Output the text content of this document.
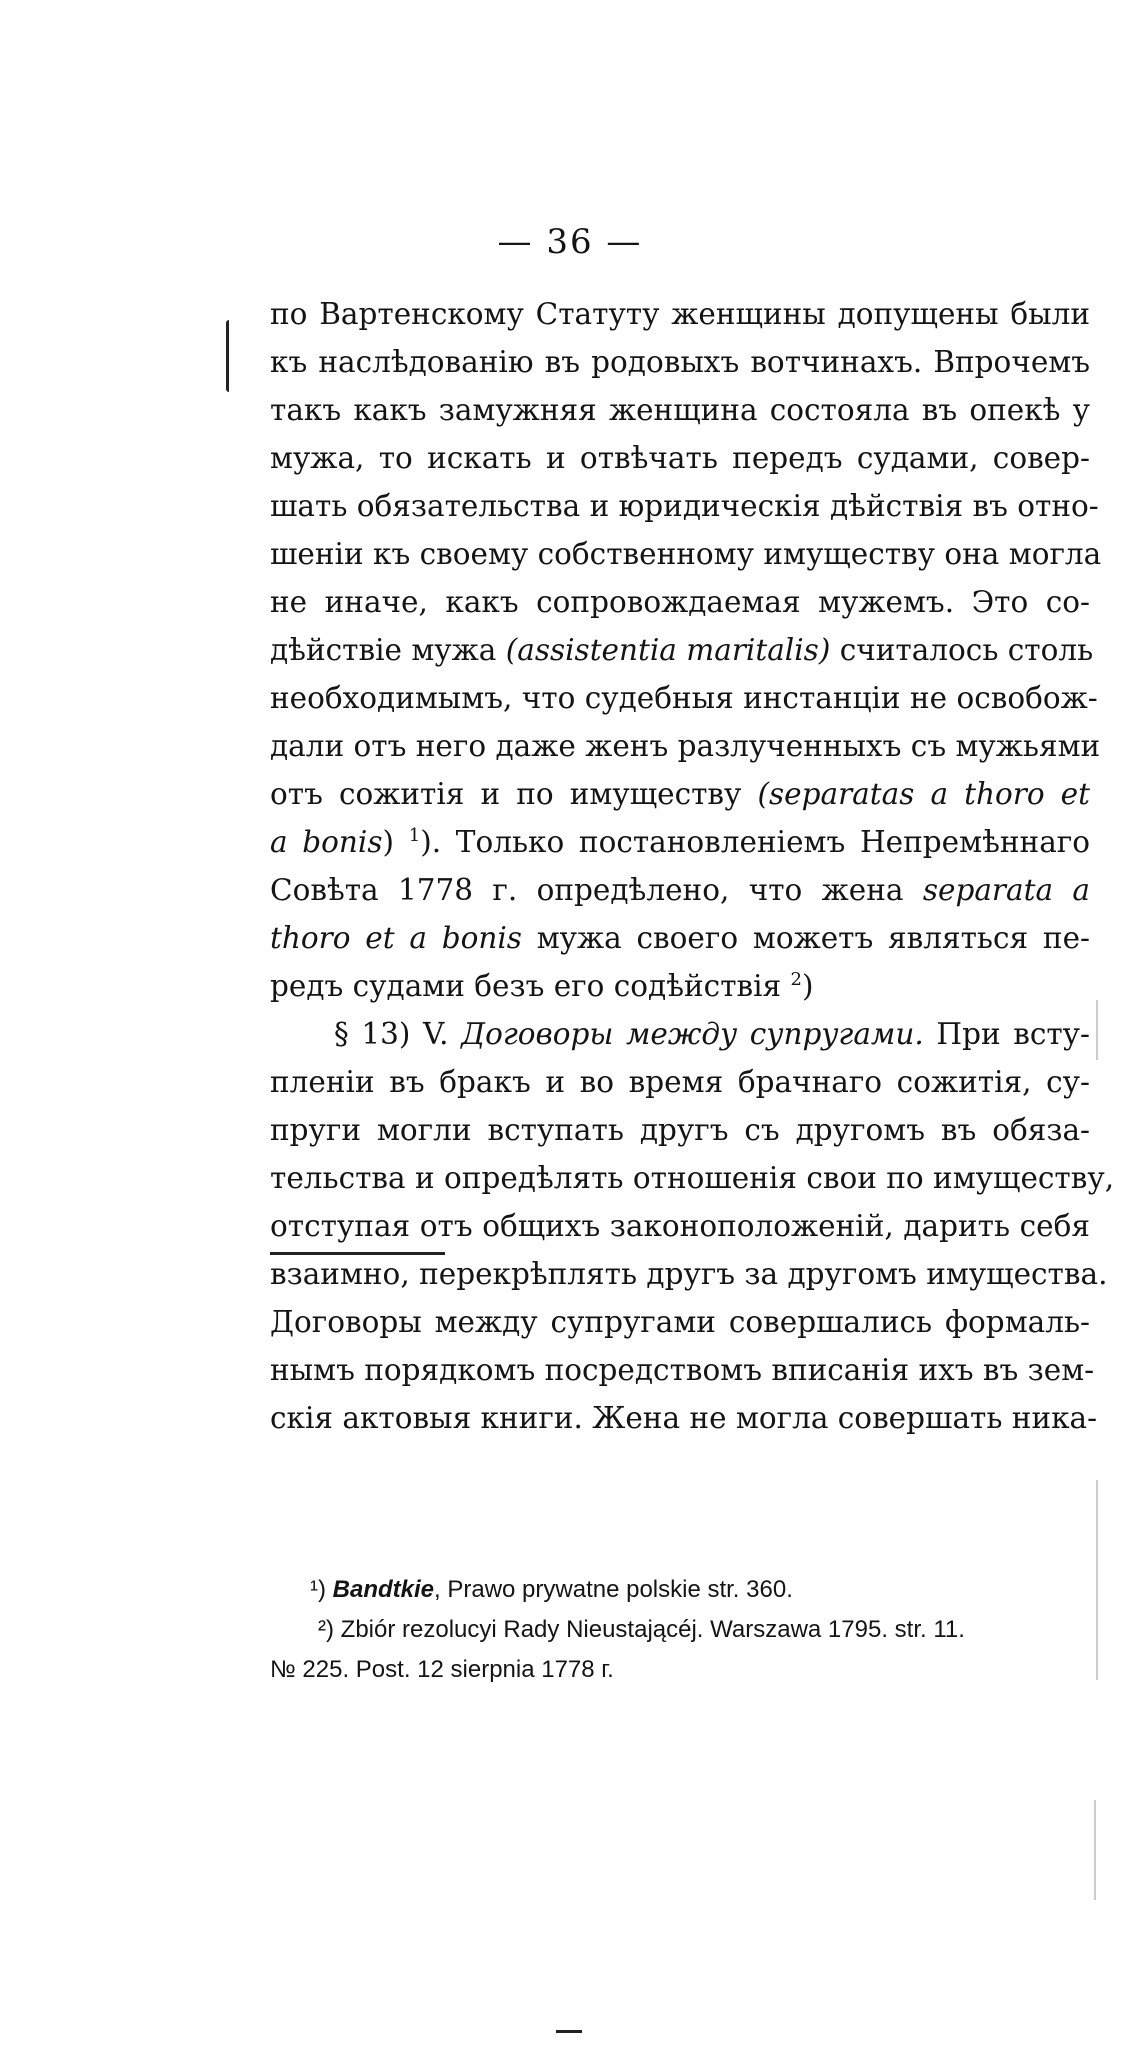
— 36 —
по Вартенскому Статуту женщины допущены были
къ наслѣдованію въ родовыхъ вотчинахъ. Впрочемъ
такъ какъ замужняя женщина состояла въ опекѣ у
мужа, то искать и отвѣчать передъ судами, совер-
шать обязательства и юридическія дѣйствія въ отно-
шеніи къ своему собственному имуществу она могла
не иначе, какъ сопровождаемая мужемъ. Это со-
дѣйствіе мужа (assistentia maritalis) считалось столь
необходимымъ, что судебныя инстанціи не освобож-
дали отъ него даже женъ разлученныхъ съ мужьями
отъ сожитія и по имуществу (separatas a thoro et
a bonis) $^1$). Только постановленіемъ Непремѣннаго
Совѣта 1778 г. опредѣлено, что жена separata a
thoro et a bonis мужа своего можетъ являться пе-
редъ судами безъ его содѣйствія $^2$)
§ 13) V. Договоры между супругами. При всту-
пленіи въ бракъ и во время брачнаго сожитія, су-
пруги могли вступать другъ съ другомъ въ обяза-
тельства и опредѣлять отношенія свои по имуществу,
отступая отъ общихъ законоположеній, дарить себя
взаимно, перекрѣплять другъ за другомъ имущества.
Договоры между супругами совершались формаль-
нымъ порядкомъ посредствомъ вписанія ихъ въ зем-
скія актовыя книги. Жена не могла совершать ника-
¹) Bandtkie, Prawo prywatne polskie str. 360.
²) Zbiór rezolucyi Rady Nieustającéj. Warszawa 1795. str. 11.
№ 225. Post. 12 sierpnia 1778 г.
